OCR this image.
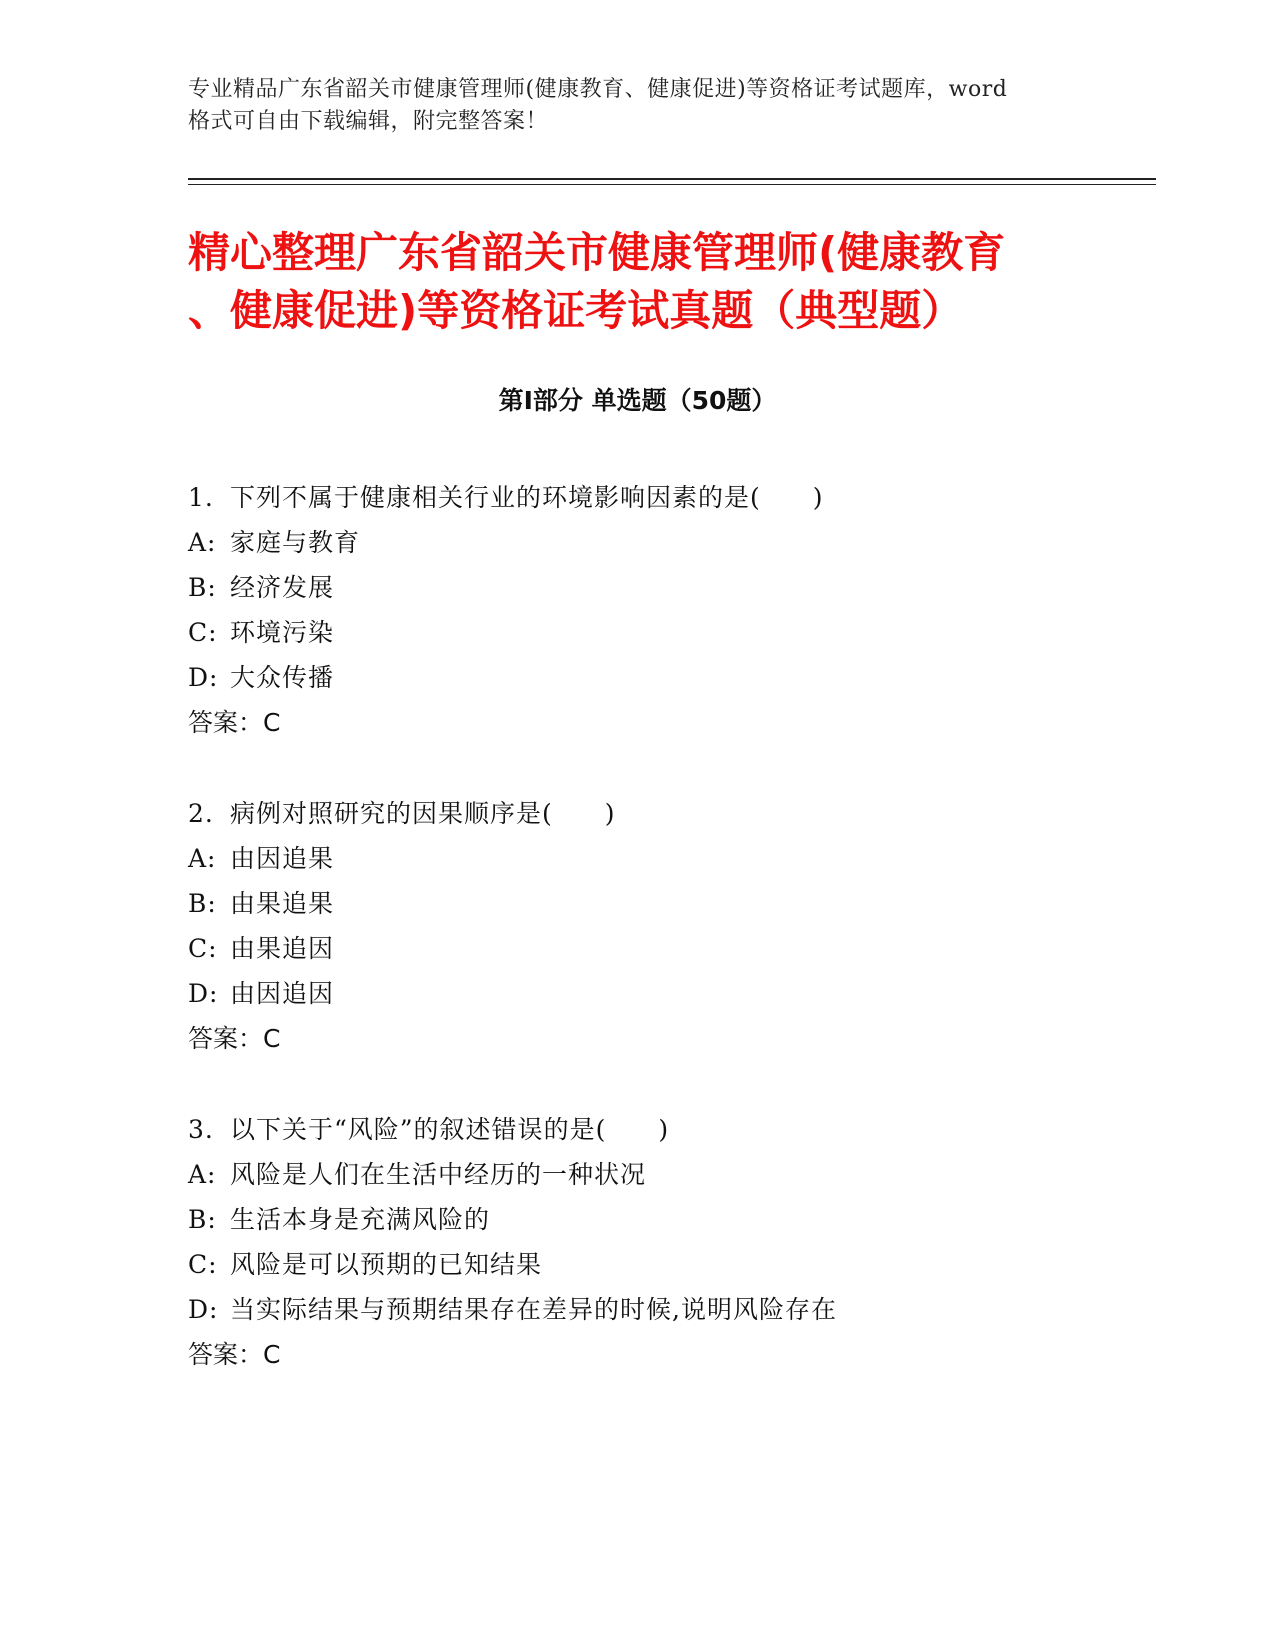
专业精品广东省韶关市健康管理师(健康教育、健康促进)等资格证考试题库，word
格式可自由下载编辑，附完整答案！
精心整理广东省韶关市健康管理师(健康教育
、健康促进)等资格证考试真题（典型题）
第Ⅰ部分 单选题（50题）
1. 下列不属于健康相关行业的环境影响因素的是(　　)
A: 家庭与教育
B: 经济发展
C: 环境污染
D: 大众传播
答案：C
2. 病例对照研究的因果顺序是(　　)
A: 由因追果
B: 由果追果
C: 由果追因
D: 由因追因
答案：C
3. 以下关于“风险”的叙述错误的是(　　)
A: 风险是人们在生活中经历的一种状况
B: 生活本身是充满风险的
C: 风险是可以预期的已知结果
D: 当实际结果与预期结果存在差异的时候,说明风险存在
答案：C
